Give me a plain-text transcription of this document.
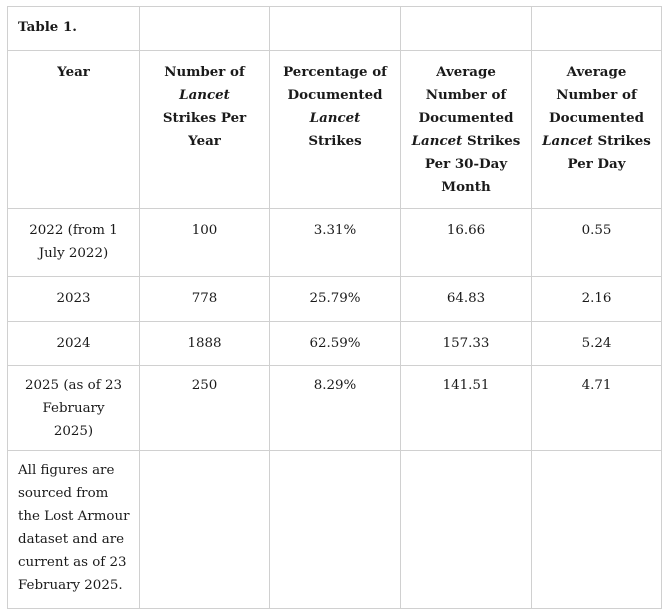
Table 1.				
Year	Number of Lancet Strikes Per Year	Percentage of Documented Lancet Strikes	Average Number of Documented Lancet Strikes Per 30-Day Month	Average Number of Documented Lancet Strikes Per Day
2022 (from 1 July 2022)	100	3.31%	16.66	0.55
2023	778	25.79%	64.83	2.16
2024	1888	62.59%	157.33	5.24
2025 (as of 23 February 2025)	250	8.29%	141.51	4.71
All figures are sourced from the Lost Armour dataset and are current as of 23 February 2025.				
